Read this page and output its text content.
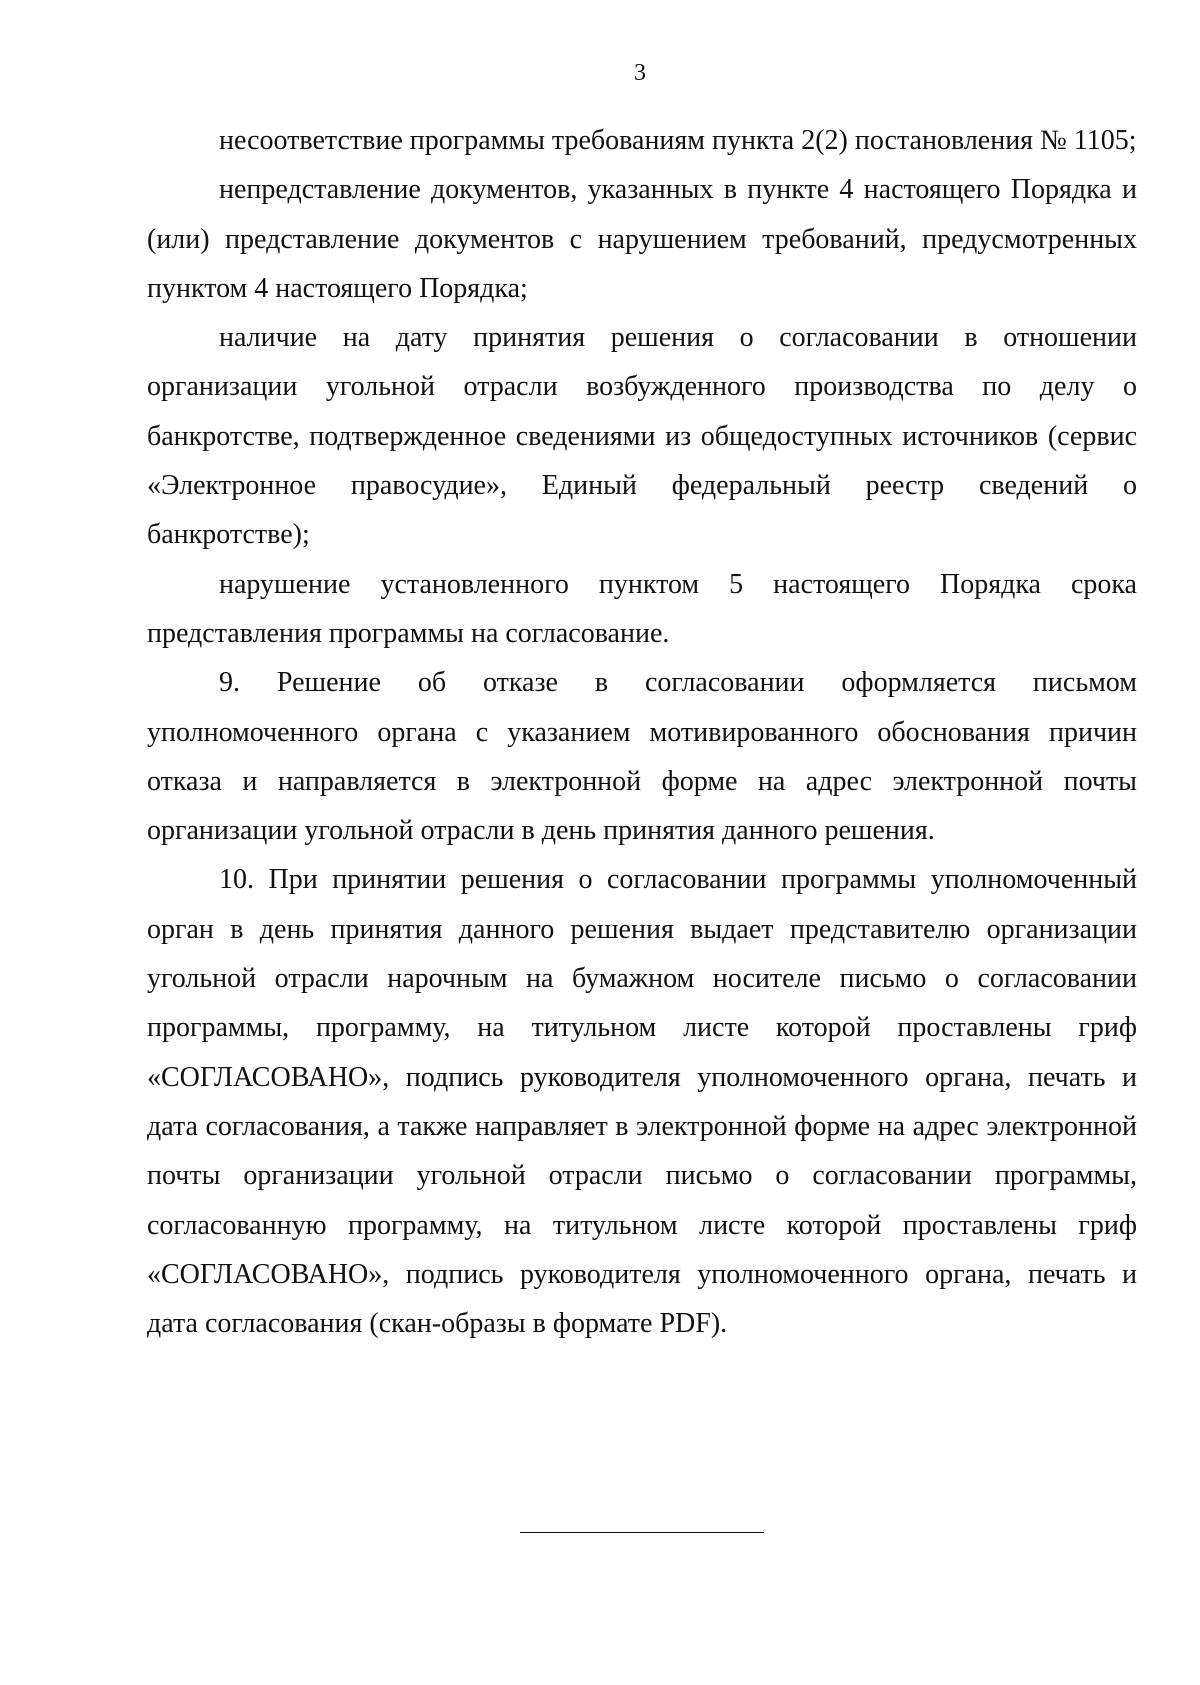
3

несоответствие программы требованиям пункта 2(2) постановления № 1105;

непредставление документов, указанных в пункте 4 настоящего Порядка и (или) представление документов с нарушением требований, предусмотренных пунктом 4 настоящего Порядка;

наличие на дату принятия решения о согласовании в отношении организации угольной отрасли возбужденного производства по делу о банкротстве, подтвержденное сведениями из общедоступных источников (сервис «Электронное правосудие», Единый федеральный реестр сведений о банкротстве);

нарушение установленного пунктом 5 настоящего Порядка срока представления программы на согласование.

9. Решение об отказе в согласовании оформляется письмом уполномоченного органа с указанием мотивированного обоснования причин отказа и направляется в электронной форме на адрес электронной почты организации угольной отрасли в день принятия данного решения.

10. При принятии решения о согласовании программы уполномоченный орган в день принятия данного решения выдает представителю организации угольной отрасли нарочным на бумажном носителе письмо о согласовании программы, программу, на титульном листе которой проставлены гриф «СОГЛАСОВАНО», подпись руководителя уполномоченного органа, печать и дата согласования, а также направляет в электронной форме на адрес электронной почты организации угольной отрасли письмо о согласовании программы, согласованную программу, на титульном листе которой проставлены гриф «СОГЛАСОВАНО», подпись руководителя уполномоченного органа, печать и дата согласования (скан-образы в формате PDF).
